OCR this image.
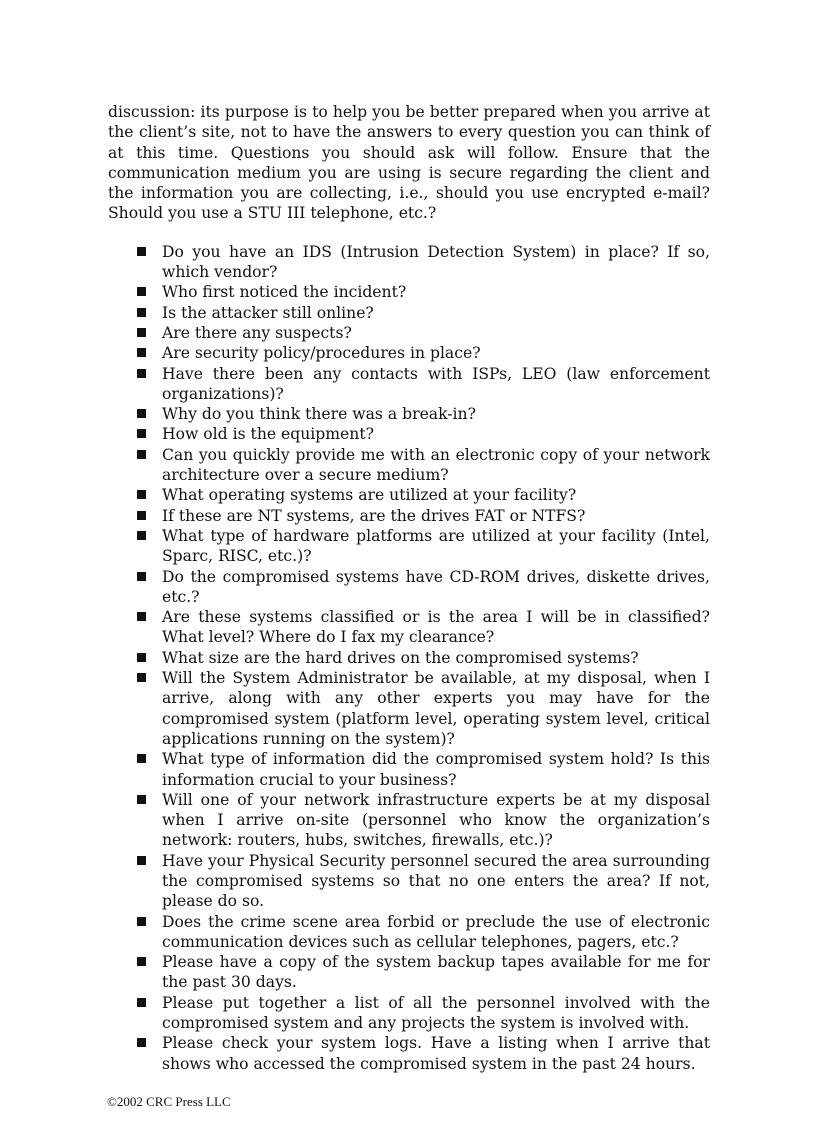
discussion: its purpose is to help you be better prepared when you arrive at the client’s site, not to have the answers to every question you can think of at this time. Questions you should ask will follow. Ensure that the communication medium you are using is secure regarding the client and the information you are collecting, i.e., should you use encrypted e-mail? Should you use a STU III telephone, etc.?

Do you have an IDS (Intrusion Detection System) in place? If so, which vendor?
Who first noticed the incident?
Is the attacker still online?
Are there any suspects?
Are security policy/procedures in place?
Have there been any contacts with ISPs, LEO (law enforcement organizations)?
Why do you think there was a break-in?
How old is the equipment?
Can you quickly provide me with an electronic copy of your network architecture over a secure medium?
What operating systems are utilized at your facility?
If these are NT systems, are the drives FAT or NTFS?
What type of hardware platforms are utilized at your facility (Intel, Sparc, RISC, etc.)?
Do the compromised systems have CD-ROM drives, diskette drives, etc.?
Are these systems classified or is the area I will be in classified? What level? Where do I fax my clearance?
What size are the hard drives on the compromised systems?
Will the System Administrator be available, at my disposal, when I arrive, along with any other experts you may have for the compromised system (platform level, operating system level, critical applications running on the system)?
What type of information did the compromised system hold? Is this information crucial to your business?
Will one of your network infrastructure experts be at my disposal when I arrive on-site (personnel who know the organization’s network: routers, hubs, switches, firewalls, etc.)?
Have your Physical Security personnel secured the area surrounding the compromised systems so that no one enters the area? If not, please do so.
Does the crime scene area forbid or preclude the use of electronic communication devices such as cellular telephones, pagers, etc.?
Please have a copy of the system backup tapes available for me for the past 30 days.
Please put together a list of all the personnel involved with the compromised system and any projects the system is involved with.
Please check your system logs. Have a listing when I arrive that shows who accessed the compromised system in the past 24 hours.
©2002 CRC Press LLC
